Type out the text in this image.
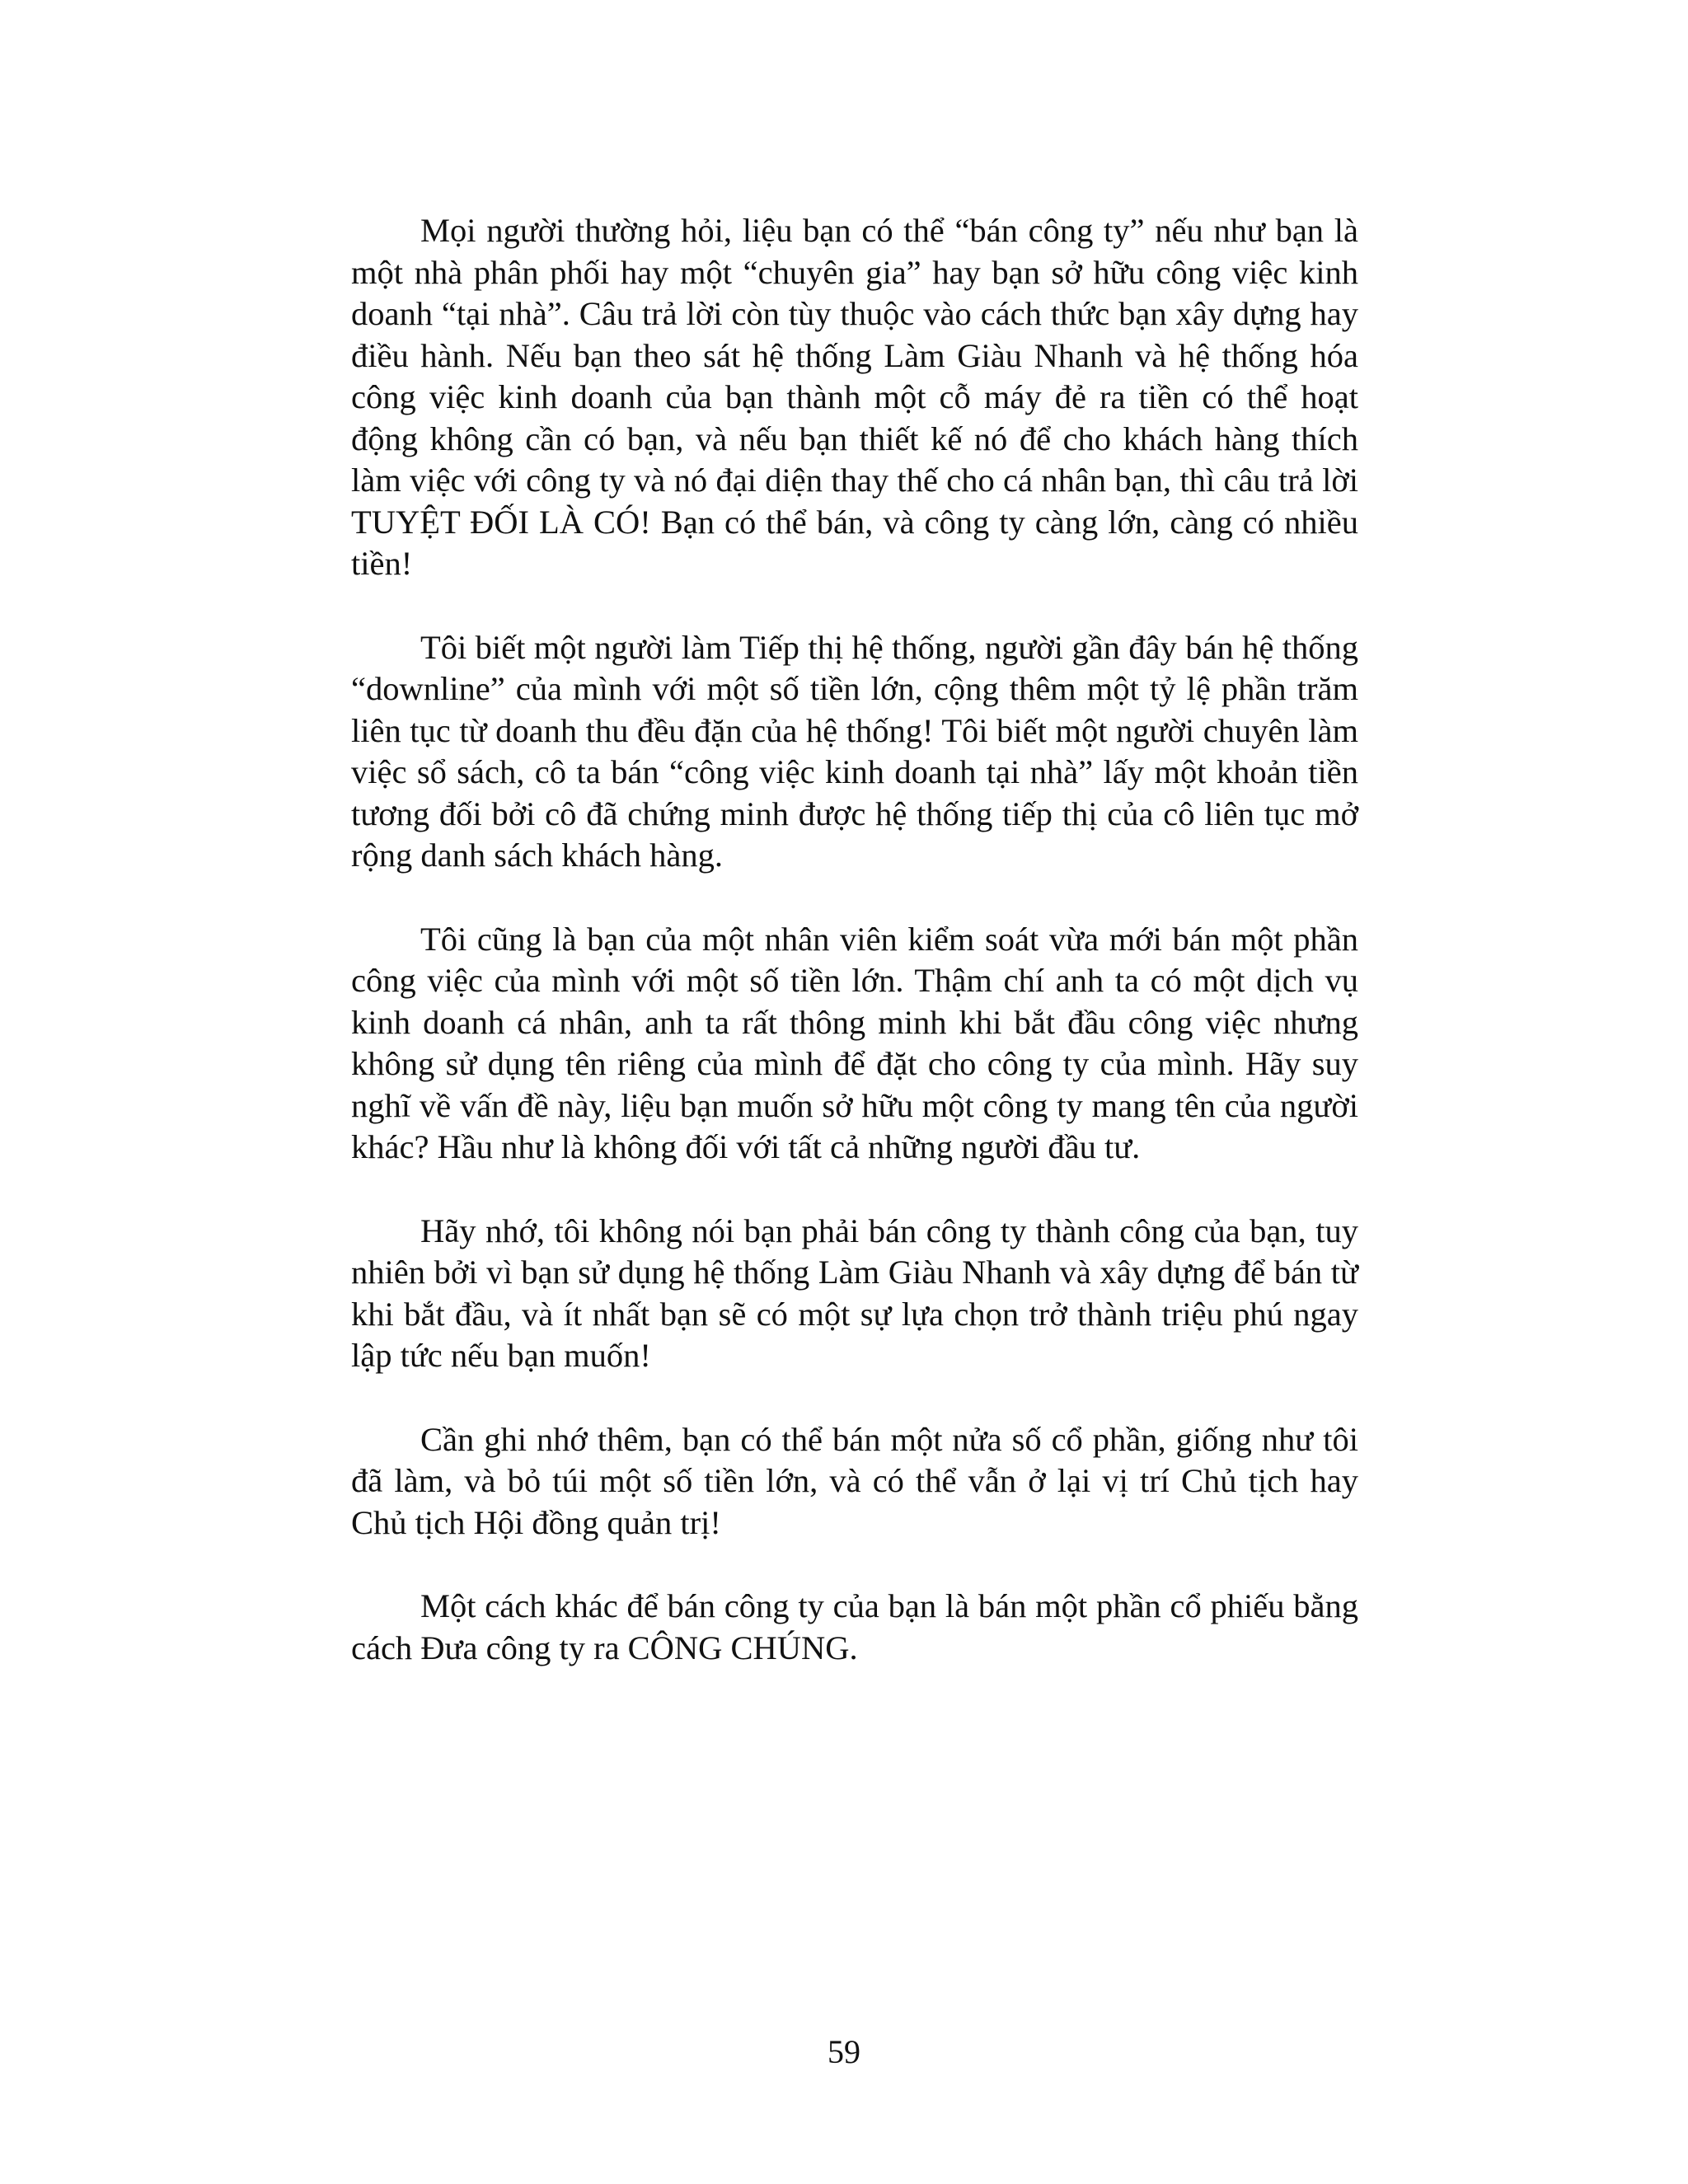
Mọi người thường hỏi, liệu bạn có thể “bán công ty” nếu như bạn là một nhà phân phối hay một “chuyên gia” hay bạn sở hữu công việc kinh doanh “tại nhà”. Câu trả lời còn tùy thuộc vào cách thức bạn xây dựng hay điều hành. Nếu bạn theo sát hệ thống Làm Giàu Nhanh và hệ thống hóa công việc kinh doanh của bạn thành một cỗ máy đẻ ra tiền có thể hoạt động không cần có bạn, và nếu bạn thiết kế nó để cho khách hàng thích làm việc với công ty và nó đại diện thay thế cho cá nhân bạn, thì câu trả lời TUYỆT ĐỐI LÀ CÓ! Bạn có thể bán, và công ty càng lớn, càng có nhiều tiền!

Tôi biết một người làm Tiếp thị hệ thống, người gần đây bán hệ thống “downline” của mình với một số tiền lớn, cộng thêm một tỷ lệ phần trăm liên tục từ doanh thu đều đặn của hệ thống! Tôi biết một người chuyên làm việc sổ sách, cô ta bán “công việc kinh doanh tại nhà” lấy một khoản tiền tương đối bởi cô đã chứng minh được hệ thống tiếp thị của cô liên tục mở rộng danh sách khách hàng.

Tôi cũng là bạn của một nhân viên kiểm soát vừa mới bán một phần công việc của mình với một số tiền lớn. Thậm chí anh ta có một dịch vụ kinh doanh cá nhân, anh ta rất thông minh khi bắt đầu công việc nhưng không sử dụng tên riêng của mình để đặt cho công ty của mình. Hãy suy nghĩ về vấn đề này, liệu bạn muốn sở hữu một công ty mang tên của người khác? Hầu như là không đối với tất cả những người đầu tư.

Hãy nhớ, tôi không nói bạn phải bán công ty thành công của bạn, tuy nhiên bởi vì bạn sử dụng hệ thống Làm Giàu Nhanh và xây dựng để bán từ khi bắt đầu, và ít nhất bạn sẽ có một sự lựa chọn trở thành triệu phú ngay lập tức nếu bạn muốn!

Cần ghi nhớ thêm, bạn có thể bán một nửa số cổ phần, giống như tôi đã làm, và bỏ túi một số tiền lớn, và có thể vẫn ở lại vị trí Chủ tịch hay Chủ tịch Hội đồng quản trị!

Một cách khác để bán công ty của bạn là bán một phần cổ phiếu bằng cách Đưa công ty ra CÔNG CHÚNG.

59
